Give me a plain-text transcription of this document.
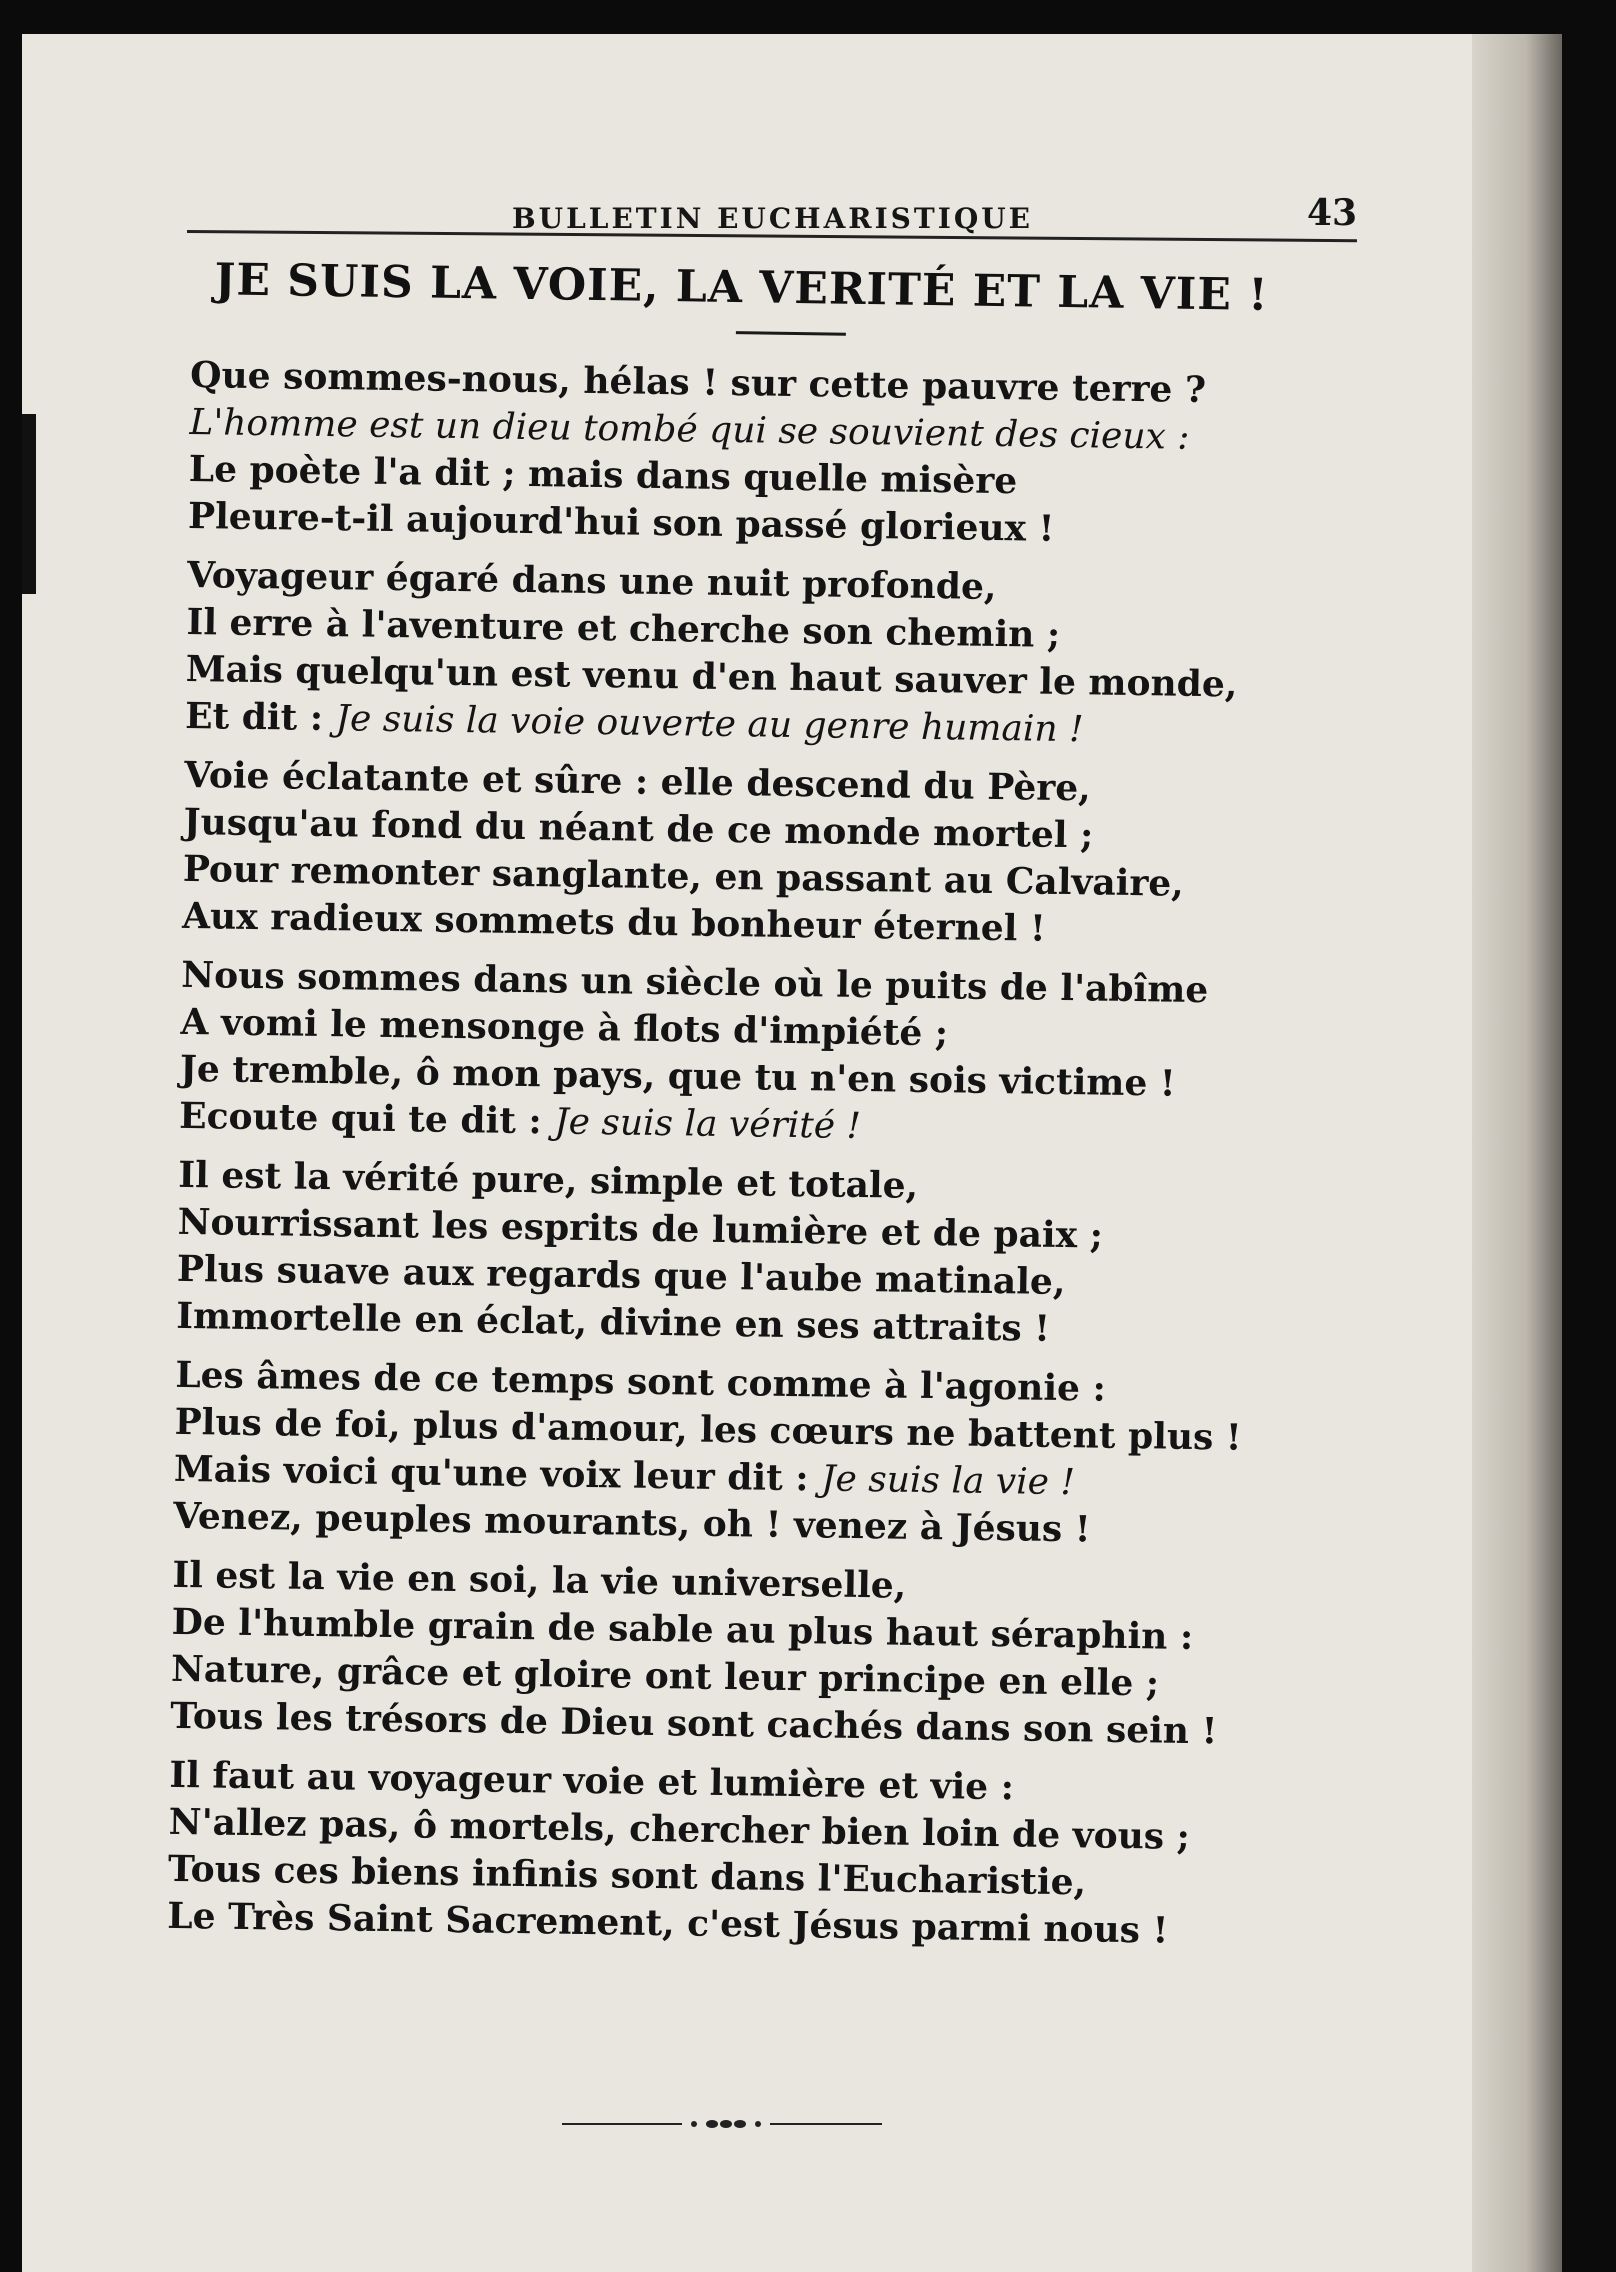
BULLETIN EUCHARISTIQUE	43
JE SUIS LA VOIE, LA VERITÉ ET LA VIE !
Que sommes-nous, hélas ! sur cette pauvre terre ?
L'homme est un dieu tombé qui se souvient des cieux :
Le poète l'a dit ; mais dans quelle misère
Pleure-t-il aujourd'hui son passé glorieux !
Voyageur égaré dans une nuit profonde,
Il erre à l'aventure et cherche son chemin ;
Mais quelqu'un est venu d'en haut sauver le monde,
Et dit : Je suis la voie ouverte au genre humain !
Voie éclatante et sûre : elle descend du Père,
Jusqu'au fond du néant de ce monde mortel ;
Pour remonter sanglante, en passant au Calvaire,
Aux radieux sommets du bonheur éternel !
Nous sommes dans un siècle où le puits de l'abîme
A vomi le mensonge à flots d'impiété ;
Je tremble, ô mon pays, que tu n'en sois victime !
Ecoute qui te dit : Je suis la vérité !
Il est la vérité pure, simple et totale,
Nourrissant les esprits de lumière et de paix ;
Plus suave aux regards que l'aube matinale,
Immortelle en éclat, divine en ses attraits !
Les âmes de ce temps sont comme à l'agonie :
Plus de foi, plus d'amour, les cœurs ne battent plus !
Mais voici qu'une voix leur dit : Je suis la vie !
Venez, peuples mourants, oh ! venez à Jésus !
Il est la vie en soi, la vie universelle,
De l'humble grain de sable au plus haut séraphin :
Nature, grâce et gloire ont leur principe en elle ;
Tous les trésors de Dieu sont cachés dans son sein !
Il faut au voyageur voie et lumière et vie :
N'allez pas, ô mortels, chercher bien loin de vous ;
Tous ces biens infinis sont dans l'Eucharistie,
Le Très Saint Sacrement, c'est Jésus parmi nous !
